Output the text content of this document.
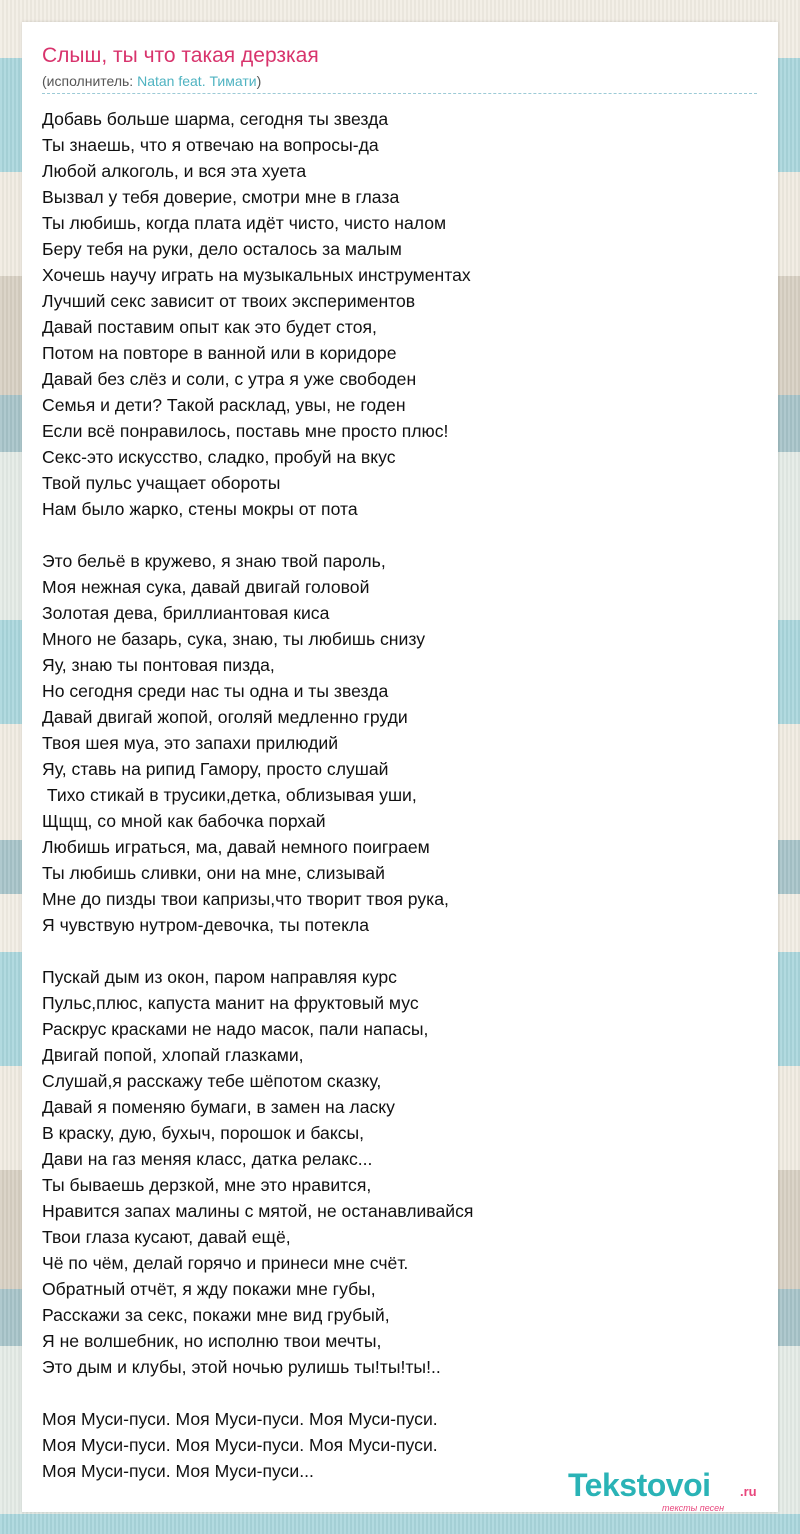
Слыш, ты что такая дерзкая
(исполнитель: Natan feat. Тимати)
Добавь больше шарма, сегодня ты звезда
Ты знаешь, что я отвечаю на вопросы-да
Любой алкоголь, и вся эта хуета
Вызвал у тебя доверие, смотри мне в глаза
Ты любишь, когда плата идёт чисто, чисто налом
Беру тебя на руки, дело осталось за малым
Хочешь научу играть на музыкальных инструментах
Лучший секс зависит от твоих экспериментов
Давай поставим опыт как это будет стоя,
Потом на повторе в ванной или в коридоре
Давай без слёз и соли, с утра я уже свободен
Семья и дети? Такой расклад, увы, не годен
Если всё понравилось, поставь мне просто плюс!
Секс-это искусство, сладко, пробуй на вкус
Твой пульс учащает обороты
Нам было жарко, стены мокры от пота

Это бельё в кружево, я знаю твой пароль,
Моя нежная сука, давай двигай головой
Золотая дева, бриллиантовая киса
Много не базарь, сука, знаю, ты любишь снизу
Яу, знаю ты понтовая пизда,
Но сегодня среди нас ты одна и ты звезда
Давай двигай жопой, оголяй медленно груди
Твоя шея муа, это запахи прилюдий
Яу, ставь на рипид Гамору, просто слушай
Тихо стикай в трусики,детка, облизывая уши,
Щщщ, со мной как бабочка порхай
Любишь играться, ма, давай немного поиграем
Ты любишь сливки, они на мне, слизывай
Мне до пизды твои капризы,что творит твоя рука,
Я чувствую нутром-девочка, ты потекла

Пускай дым из окон, паром направляя курс
Пульс,плюс, капуста манит на фруктовый мус
Раскрус красками не надо масок, пали напасы,
Двигай попой, хлопай глазками,
Слушай,я расскажу тебе шёпотом сказку,
Давай я поменяю бумаги, в замен на ласку
В краску, дую, бухыч, порошок и баксы,
Дави на газ меняя класс, датка релакс...
Ты бываешь дерзкой, мне это нравится,
Нравится запах малины с мятой, не останавливайся
Твои глаза кусают, давай ещё,
Чё по чём, делай горячо и принеси мне счёт.
Обратный отчёт, я жду покажи мне губы,
Расскажи за секс, покажи мне вид грубый,
Я не волшебник, но исполню твои мечты,
Это дым и клубы, этой ночью рулишь ты!ты!ты!..

Моя Муси-пуси. Моя Муси-пуси. Моя Муси-пуси.
Моя Муси-пуси. Моя Муси-пуси. Моя Муси-пуси.
Моя Муси-пуси. Моя Муси-пуси...	Tekstovoi .ru
тексты песен
